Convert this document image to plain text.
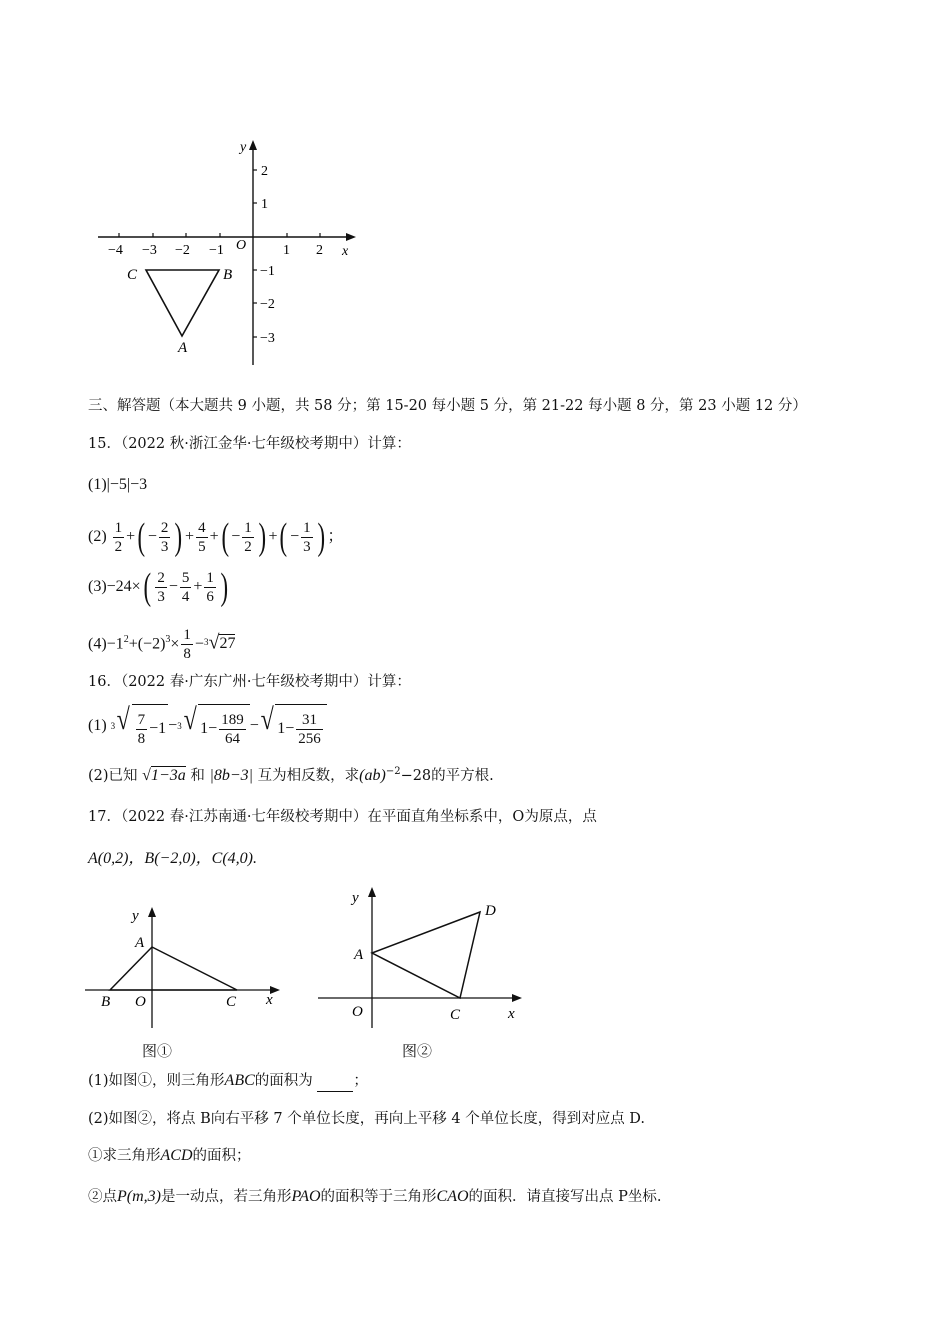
y
x
O
−4 −3 −2 −1	1 2
2
1
−1
−2
−3
C	B
A
三、解答题（本大题共 9 小题，共 58 分；第 15-20 每小题 5 分，第 21-22 每小题 8 分，第 23 小题 12 分）
15．（2022 秋·浙江金华·七年级校考期中）计算：
(1)|−5|−3
$(2) \frac{1}{2}$ +( − $\frac{2}{3}$ ) + $\frac{4}{5}$ +( − $\frac{1}{2}$ ) +( − $\frac{1}{3}$ ) ；
$(3)-24\times( \frac{2}{3} - \frac{5}{4} + \frac{1}{6}$ )
$(4)-1^2+(-2)^3\times \frac{1}{8} -^3√27$
16．（2022 春·广东广州·七年级校考期中）计算：
(1) $^3$ √ $\frac{7}{8} -1 -^3$ √ $1- \frac{189}{64}$ − √ $1- \frac{31}{256}$
(2)已知 √1−3a 和 |8b−3| 互为相反数，求(ab)$^{-2}$−28的平方根.
17．（2022 春·江苏南通·七年级校考期中）在平面直角坐标系中，O为原点，点
A(0,2)，B(−2,0)，C(4,0).
y
x
A
B O	C
y
x
A
D
O	C
图①	图②
(1)如图①，则三角形ABC的面积为	；
(2)如图②，将点 B向右平移 7 个单位长度，再向上平移 4 个单位长度，得到对应点 D.
①求三角形ACD的面积；
②点P(m,3)是一动点，若三角形PAO的面积等于三角形CAO的面积．请直接写出点 P坐标.
